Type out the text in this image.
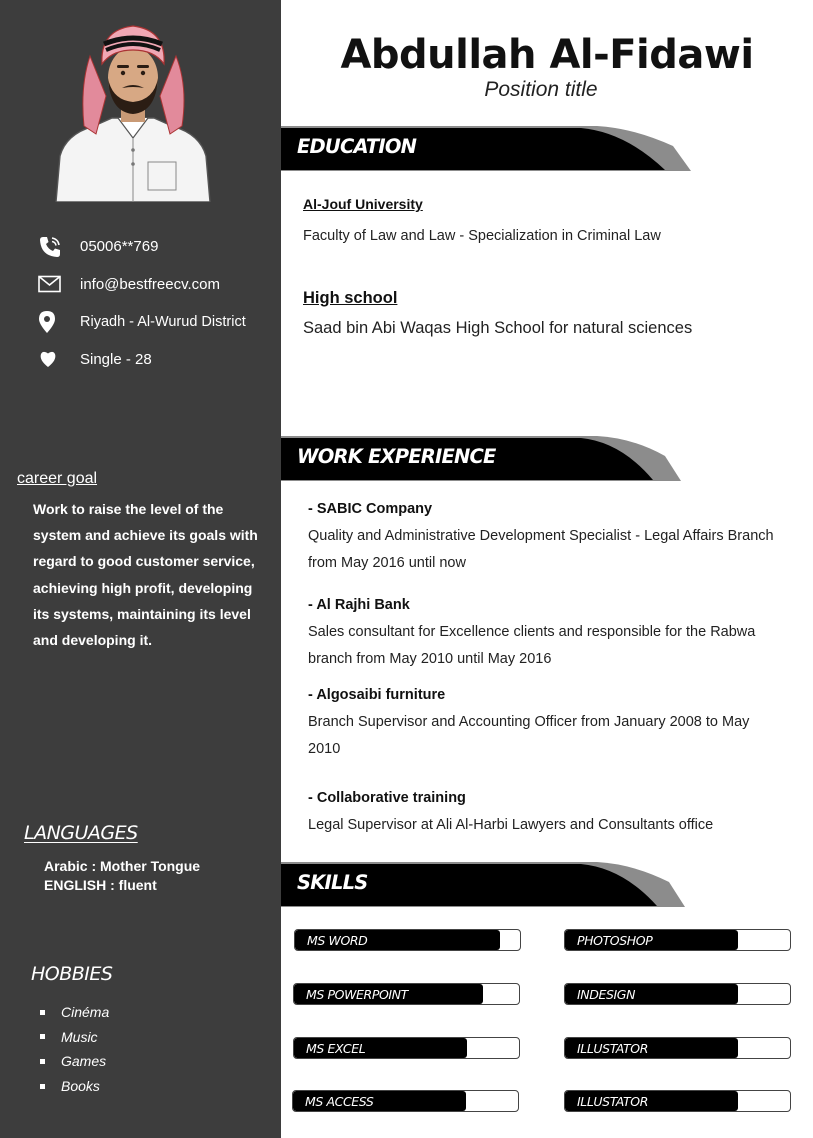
05006**769
info@bestfreecv.com
Riyadh - Al-Wurud District
Single - 28
career goal
Work to raise the level of the system and achieve its goals with regard to good customer service, achieving high profit, developing its systems, maintaining its level and developing it.
LANGUAGES
Arabic : Mother Tongue
ENGLISH : fluent
HOBBIES
Cinéma
Music
Games
Books
Abdullah Al-Fidawi
Position title
EDUCATION
Al-Jouf University
Faculty of Law and Law - Specialization in Criminal Law
High school
Saad bin Abi Waqas High School for natural sciences
WORK EXPERIENCE
- SABIC Company
Quality and Administrative Development Specialist - Legal Affairs Branch from May 2016 until now
- Al Rajhi Bank
Sales consultant for Excellence clients and responsible for the Rabwa branch from May 2010 until May 2016
- Algosaibi furniture
Branch Supervisor and Accounting Officer from January 2008 to May 2010
- Collaborative training
Legal Supervisor at Ali Al-Harbi Lawyers and Consultants office
SKILLS
MS WORD	PHOTOSHOP
MS POWERPOINT	INDESIGN
MS EXCEL	ILLUSTATOR
MS ACCESS	ILLUSTATOR
